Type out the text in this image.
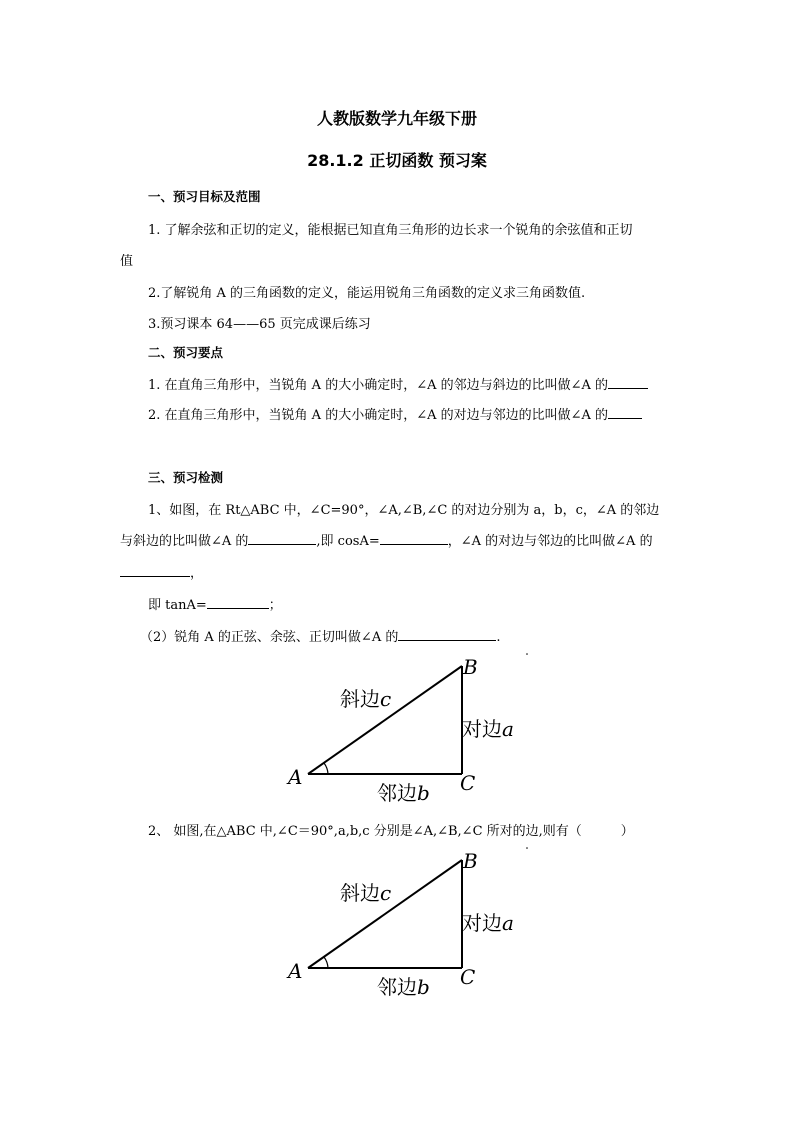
人教版数学九年级下册
28.1.2 正切函数 预习案
一、预习目标及范围
1. 了解余弦和正切的定义，能根据已知直角三角形的边长求一个锐角的余弦值和正切
值
2.了解锐角 A 的三角函数的定义，能运用锐角三角函数的定义求三角函数值.
3.预习课本 64——65 页完成课后练习
二、预习要点
1. 在直角三角形中，当锐角 A 的大小确定时，∠A 的邻边与斜边的比叫做∠A 的
2. 在直角三角形中，当锐角 A 的大小确定时，∠A 的对边与邻边的比叫做∠A 的
三、预习检测
1、如图，在 Rt△ABC 中，∠C=90°，∠A,∠B,∠C 的对边分别为 a，b，c，∠A 的邻边
与斜边的比叫做∠A 的	,即 cosA=	，∠A 的对边与邻边的比叫做∠A 的
，
即 tanA=	；
（2）锐角 A 的正弦、余弦、正切叫做∠A 的	.
A
B
C
斜边c
对边a
邻边b
2、 如图,在△ABC 中,∠C＝90°,a,b,c 分别是∠A,∠B,∠C 所对的边,则有（　　　）
A
B
C
斜边c
对边a
邻边b
